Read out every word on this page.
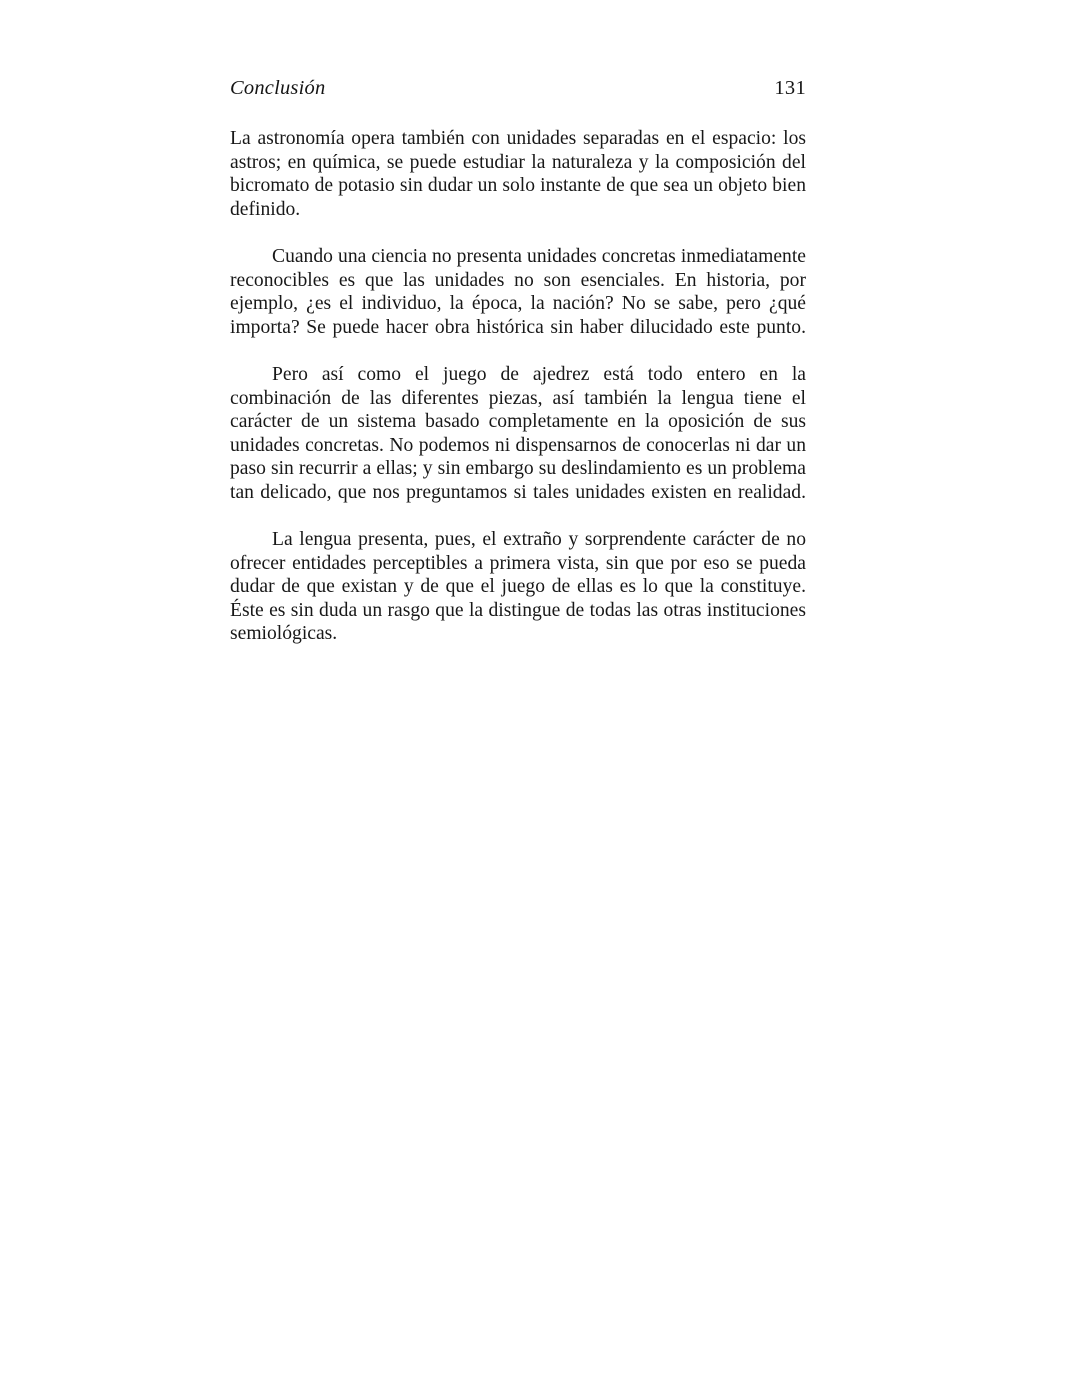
Conclusión	131

La astronomía opera también con unidades separadas en el espacio: los astros; en química, se puede estudiar la naturaleza y la composición del bicromato de potasio sin dudar un solo instante de que sea un objeto bien definido.

Cuando una ciencia no presenta unidades concretas inmediatamente reconocibles es que las unidades no son esenciales. En historia, por ejemplo, ¿es el individuo, la época, la nación? No se sabe, pero ¿qué importa? Se puede hacer obra histórica sin haber dilucidado este punto.

Pero así como el juego de ajedrez está todo entero en la combinación de las diferentes piezas, así también la lengua tiene el carácter de un sistema basado completamente en la oposición de sus unidades concretas. No podemos ni dispensarnos de conocerlas ni dar un paso sin recurrir a ellas; y sin embargo su deslindamiento es un problema tan delicado, que nos preguntamos si tales unidades existen en realidad.

La lengua presenta, pues, el extraño y sorprendente carácter de no ofrecer entidades perceptibles a primera vista, sin que por eso se pueda dudar de que existan y de que el juego de ellas es lo que la constituye. Éste es sin duda un rasgo que la distingue de todas las otras instituciones semiológicas.
